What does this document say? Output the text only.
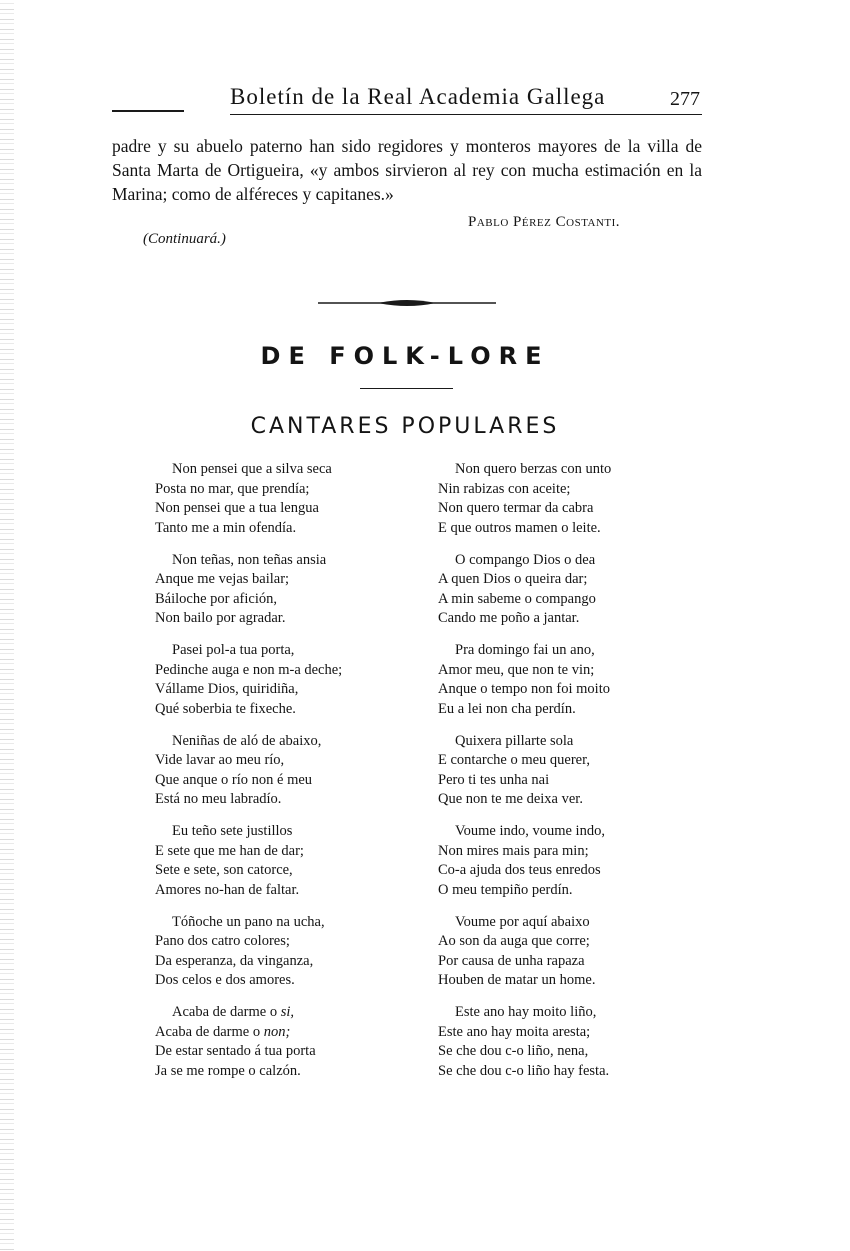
Boletín de la Real Academia Gallega	277

padre y su abuelo paterno han sido regidores y monteros mayores de la villa de Santa Marta de Ortigueira, «y ambos sirvieron al rey con mucha estimación en la Marina; como de alféreces y capitanes.»

Pablo Pérez Costanti.
(Continuará.)
DE FOLK-LORE
CANTARES POPULARES
Non pensei que a silva seca
Posta no mar, que prendía;
Non pensei que a tua lengua
Tanto me a min ofendía.
Non teñas, non teñas ansia
Anque me vejas bailar;
Báiloche por afición,
Non bailo por agradar.
Pasei pol-a tua porta,
Pedinche auga e non m-a deche;
Vállame Dios, quiridiña,
Qué soberbia te fixeche.
Neniñas de aló de abaixo,
Vide lavar ao meu río,
Que anque o río non é meu
Está no meu labradío.
Eu teño sete justillos
E sete que me han de dar;
Sete e sete, son catorce,
Amores no-han de faltar.
Tóñoche un pano na ucha,
Pano dos catro colores;
Da esperanza, da vinganza,
Dos celos e dos amores.
Acaba de darme o si,
Acaba de darme o non;
De estar sentado á tua porta
Ja se me rompe o calzón.
Non quero berzas con unto
Nin rabizas con aceite;
Non quero termar da cabra
E que outros mamen o leite.
O compango Dios o dea
A quen Dios o queira dar;
A min sabeme o compango
Cando me poño a jantar.
Pra domingo fai un ano,
Amor meu, que non te vin;
Anque o tempo non foi moito
Eu a lei non cha perdín.
Quixera pillarte sola
E contarche o meu querer,
Pero ti tes unha nai
Que non te me deixa ver.
Voume indo, voume indo,
Non mires mais para min;
Co-a ajuda dos teus enredos
O meu tempiño perdín.
Voume por aquí abaixo
Ao son da auga que corre;
Por causa de unha rapaza
Houben de matar un home.
Este ano hay moito liño,
Este ano hay moita aresta;
Se che dou c-o liño, nena,
Se che dou c-o liño hay festa.
